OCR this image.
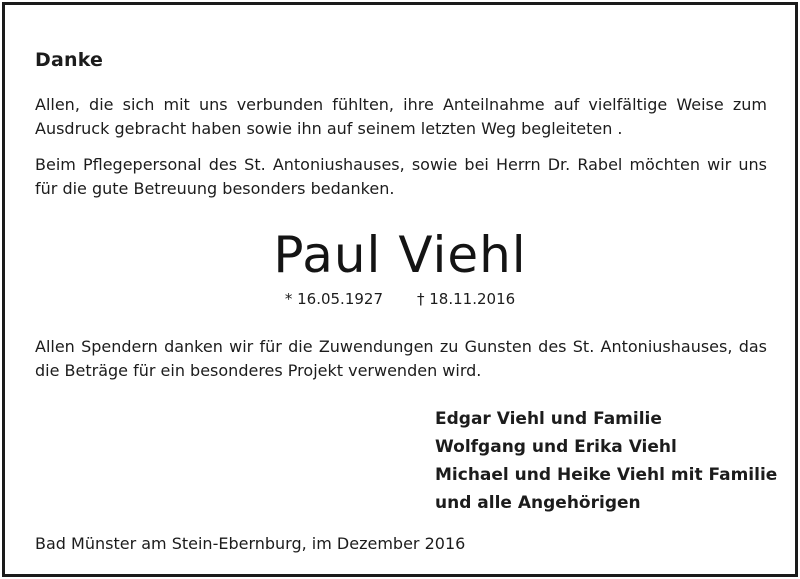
Danke
Allen, die sich mit uns verbunden fühlten, ihre Anteilnahme auf vielfältige Weise zum Ausdruck gebracht haben sowie ihn auf seinem letzten Weg begleiteten .
Beim Pflegepersonal des St. Antoniushauses, sowie bei Herrn Dr. Rabel möchten wir uns für die gute Betreuung besonders bedanken.
Paul Viehl
* 16.05.1927 † 18.11.2016
Allen Spendern danken wir für die Zuwendungen zu Gunsten des St. Antoniushauses, das die Beträge für ein besonderes Projekt verwenden wird.
Edgar Viehl und Familie
Wolfgang und Erika Viehl
Michael und Heike Viehl mit Familie
und alle Angehörigen
Bad Münster am Stein-Ebernburg, im Dezember 2016
